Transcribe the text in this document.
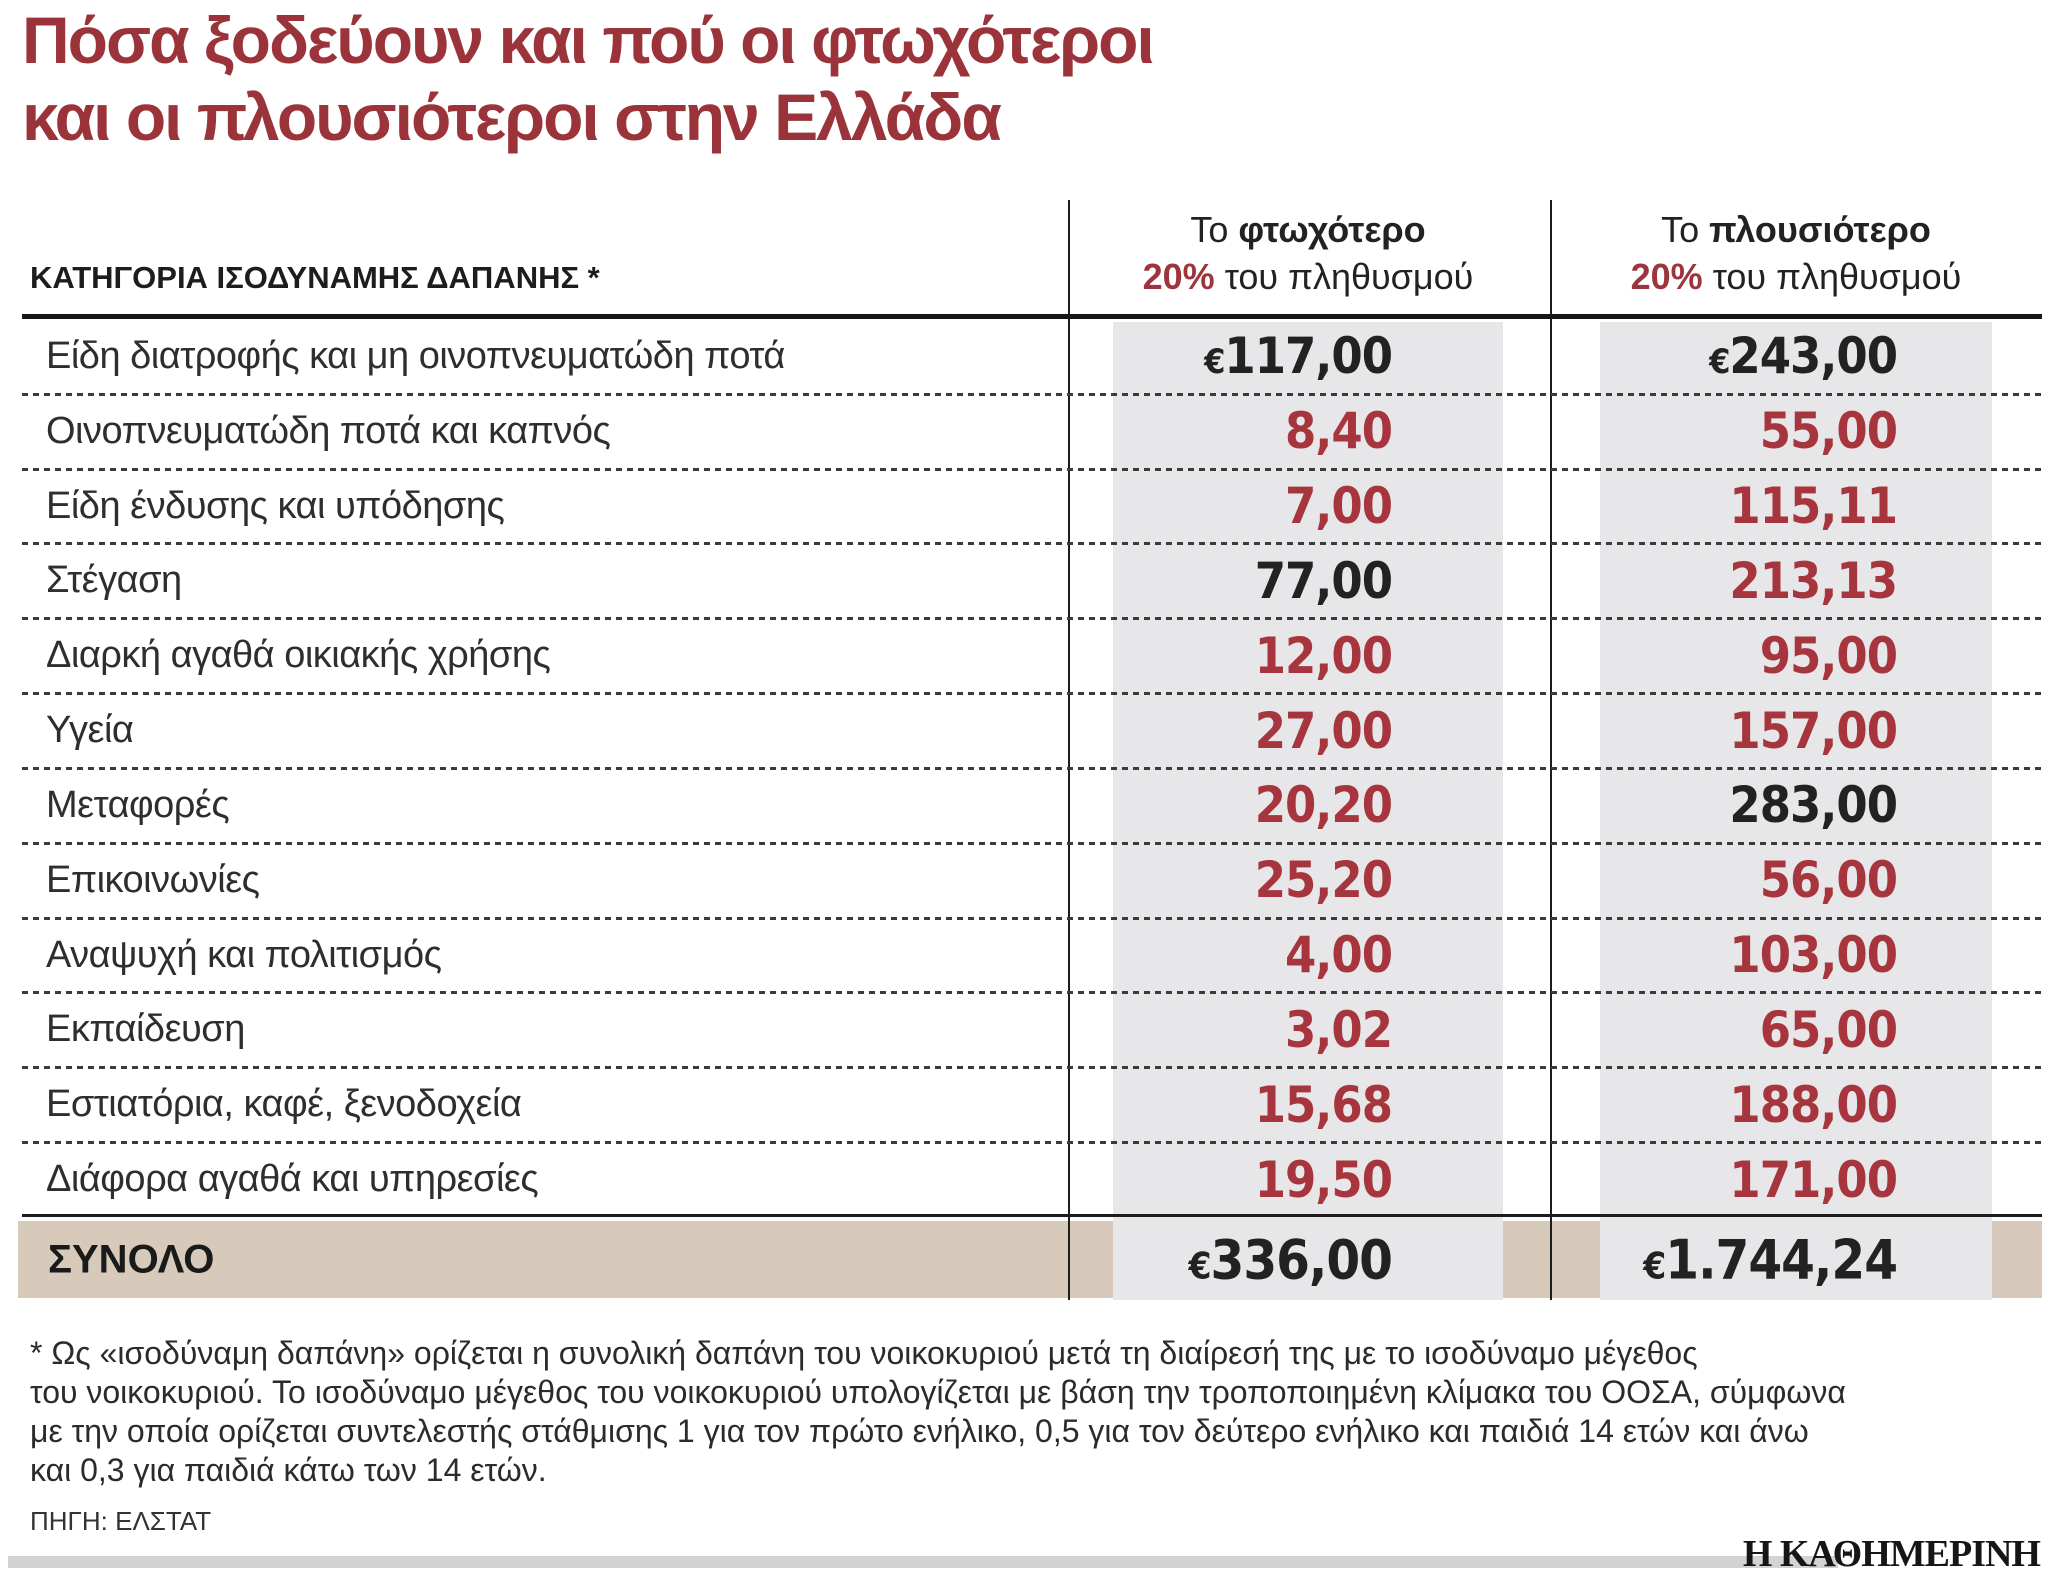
Πόσα ξοδεύουν και πού οι φτωχότεροι
και οι πλουσιότεροι στην Ελλάδα
ΚΑΤΗΓΟΡΙΑ ΙΣΟΔΥΝΑΜΗΣ ΔΑΠΑΝΗΣ *
Το φτωχότερο
20% του πληθυσμού
Το πλουσιότερο
20% του πληθυσμού
Είδη διατροφής και μη οινοπνευματώδη ποτά	€117,00	€243,00
Οινοπνευματώδη ποτά και καπνός	8,40	55,00
Είδη ένδυσης και υπόδησης	7,00	115,11
Στέγαση	77,00	213,13
Διαρκή αγαθά οικιακής χρήσης	12,00	95,00
Υγεία	27,00	157,00
Μεταφορές	20,20	283,00
Επικοινωνίες	25,20	56,00
Αναψυχή και πολιτισμός	4,00	103,00
Εκπαίδευση	3,02	65,00
Εστιατόρια, καφέ, ξενοδοχεία	15,68	188,00
Διάφορα αγαθά και υπηρεσίες	19,50	171,00
ΣΥΝΟΛΟ	€336,00	€1.744,24
* Ως «ισοδύναμη δαπάνη» ορίζεται η συνολική δαπάνη του νοικοκυριού μετά τη διαίρεσή της με το ισοδύναμο μέγεθος
του νοικοκυριού. Το ισοδύναμο μέγεθος του νοικοκυριού υπολογίζεται με βάση την τροποποιημένη κλίμακα του ΟΟΣΑ, σύμφωνα
με την οποία ορίζεται συντελεστής στάθμισης 1 για τον πρώτο ενήλικο, 0,5 για τον δεύτερο ενήλικο και παιδιά 14 ετών και άνω
και 0,3 για παιδιά κάτω των 14 ετών.
ΠΗΓΗ: ΕΛΣΤΑΤ
Η ΚΑΘΗΜΕΡΙΝΗ
